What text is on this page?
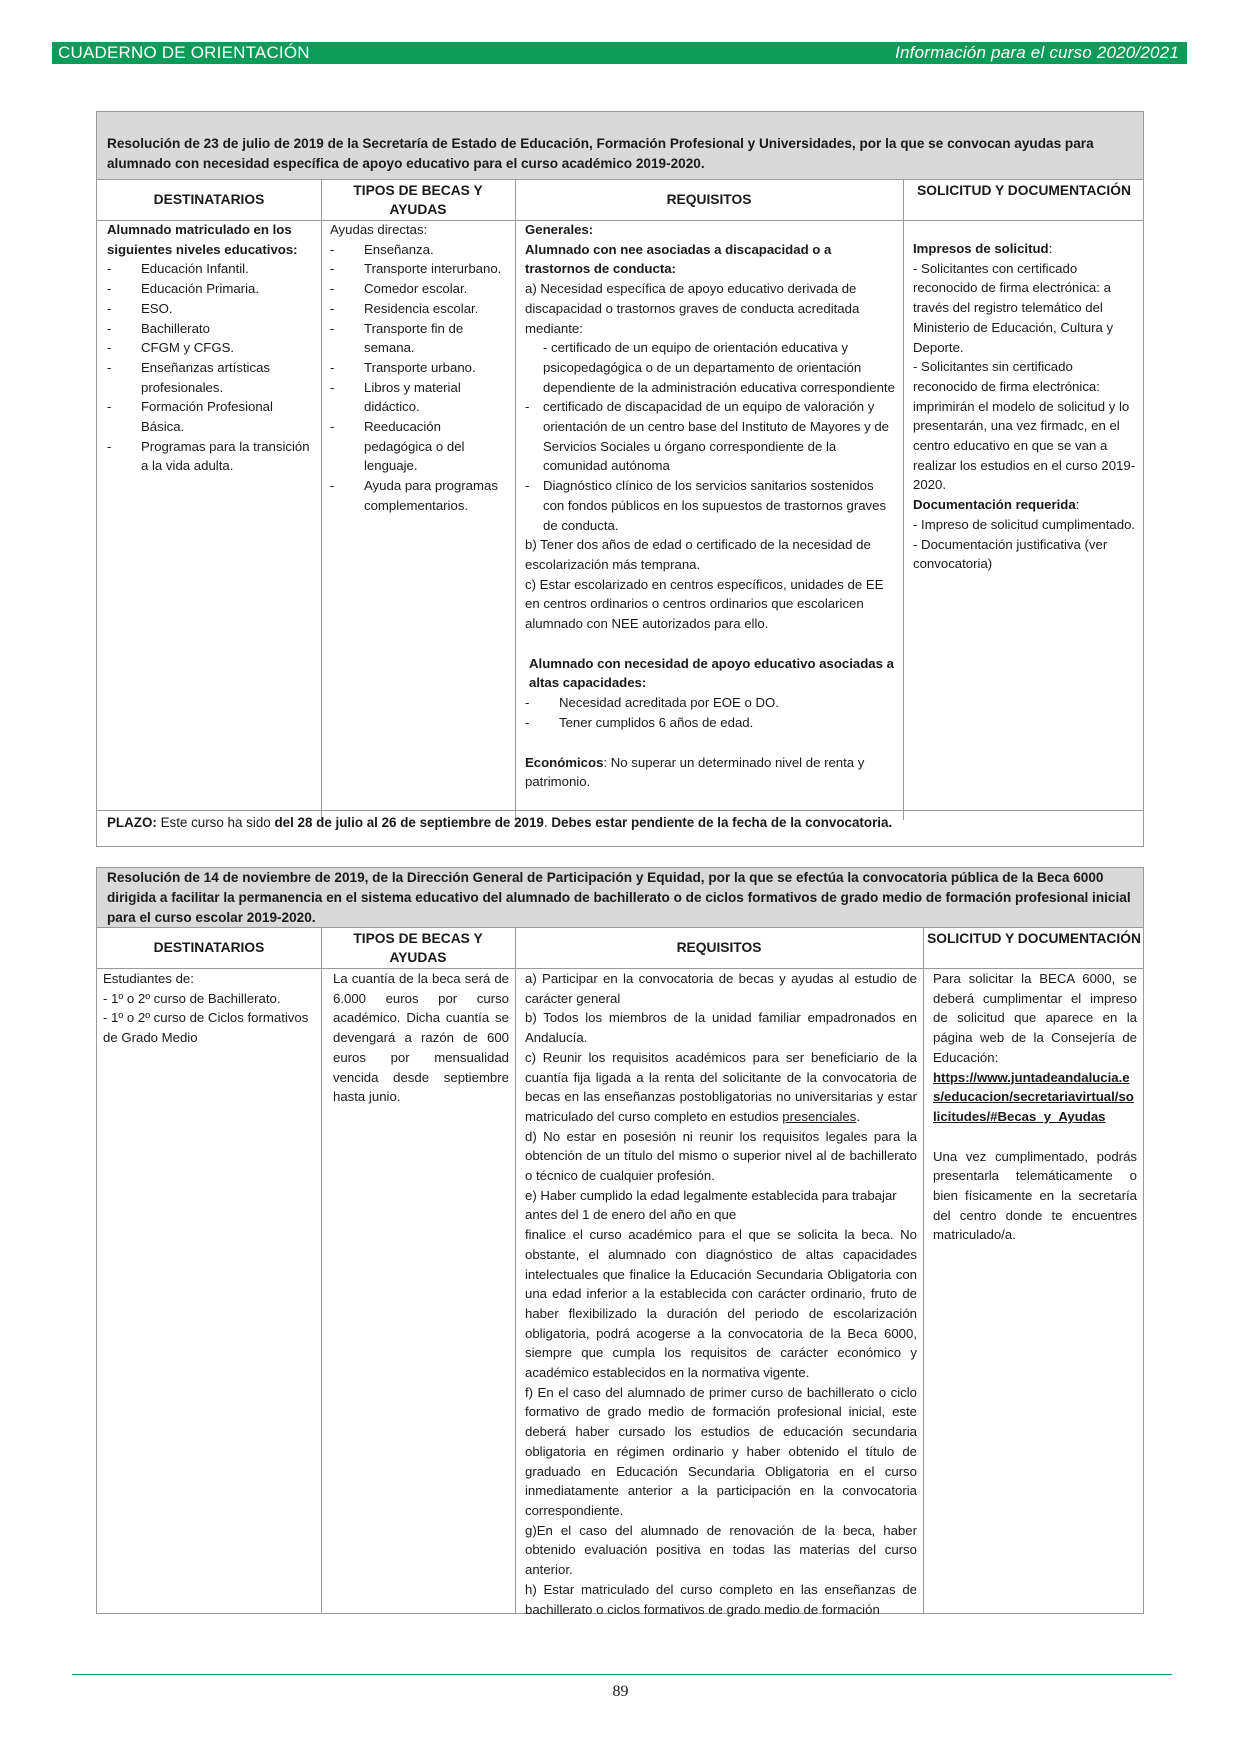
CUADERNO DE ORIENTACIÓN	Información para el curso 2020/2021
Resolución de 23 de julio de 2019 de la Secretaría de Estado de Educación, Formación Profesional y Universidades, por la que se convocan ayudas para alumnado con necesidad específica de apoyo educativo para el curso académico 2019-2020.
DESTINATARIOS
TIPOS DE BECAS Y AYUDAS
REQUISITOS
SOLICITUD Y DOCUMENTACIÓN

Alumnado matriculado en los siguientes niveles educativos:

- Educación Infantil.

- Educación Primaria.

- ESO.

- Bachillerato

- CFGM y CFGS.

- Enseñanzas artísticas profesionales.

- Formación Profesional Básica.

- Programas para la transición a la vida adulta.

Ayudas directas:

- Enseñanza.

- Transporte interurbano.

- Comedor escolar.

- Residencia escolar.

- Transporte fin de semana.

- Transporte urbano.

- Libros y material didáctico.

- Reeducación pedagógica o del lenguaje.

- Ayuda para programas complementarios.

Generales:

Alumnado con nee asociadas a discapacidad o a trastornos de conducta:

a) Necesidad específica de apoyo educativo derivada de discapacidad o trastornos graves de conducta acreditada mediante:

- certificado de un equipo de orientación educativa y psicopedagógica o de un departamento de orientación dependiente de la administración educativa correspondiente

- certificado de discapacidad de un equipo de valoración y orientación de un centro base del Instituto de Mayores y de Servicios Sociales u órgano correspondiente de la comunidad autónoma

- Diagnóstico clínico de los servicios sanitarios sostenidos con fondos públicos en los supuestos de trastornos graves de conducta.

b) Tener dos años de edad o certificado de la necesidad de escolarización más temprana.

c) Estar escolarizado en centros específicos, unidades de EE en centros ordinarios o centros ordinarios que escolaricen alumnado con NEE autorizados para ello.

Alumnado con necesidad de apoyo educativo asociadas a altas capacidades:

- Necesidad acreditada por EOE o DO.

- Tener cumplidos 6 años de edad.

Económicos: No superar un determinado nivel de renta y patrimonio.

Impresos de solicitud:

- Solicitantes con certificado reconocido de firma electrónica: a través del registro telemático del Ministerio de Educación, Cultura y Deporte.
- Solicitantes sin certificado reconocido de firma electrónica: imprimirán el modelo de solicitud y lo presentarán, una vez firmadc, en el centro educativo en que se van a realizar los estudios en el curso 2019-2020.

Documentación requerida:

- Impreso de solicitud cumplimentado.
- Documentación justificativa (ver convocatoria)

PLAZO: Este curso ha sido del 28 de julio al 26 de septiembre de 2019. Debes estar pendiente de la fecha de la convocatoria.
Resolución de 14 de noviembre de 2019, de la Dirección General de Participación y Equidad, por la que se efectúa la convocatoria pública de la Beca 6000 dirigida a facilitar la permanencia en el sistema educativo del alumnado de bachillerato o de ciclos formativos de grado medio de formación profesional inicial para el curso escolar 2019-2020.
DESTINATARIOS
TIPOS DE BECAS Y AYUDAS
REQUISITOS
SOLICITUD Y DOCUMENTACIÓN
Estudiantes de:
- 1º o 2º curso de Bachillerato.
- 1º o 2º curso de Ciclos formativos de Grado Medio
La cuantía de la beca será de 6.000 euros por curso académico. Dicha cuantía se devengará a razón de 600 euros por mensualidad vencida desde septiembre hasta junio.

a) Participar en la convocatoria de becas y ayudas al estudio de carácter general

b) Todos los miembros de la unidad familiar empadronados en Andalucía.

c) Reunir los requisitos académicos para ser beneficiario de la cuantía fija ligada a la renta del solicitante de la convocatoria de becas en las enseñanzas postobligatorias no universitarias y estar matriculado del curso completo en estudios presenciales.

d) No estar en posesión ni reunir los requisitos legales para la obtención de un título del mismo o superior nivel al de bachillerato o técnico de cualquier profesión.

e) Haber cumplido la edad legalmente establecida para trabajar antes del 1 de enero del año en que

finalice el curso académico para el que se solicita la beca. No obstante, el alumnado con diagnóstico de altas capacidades intelectuales que finalice la Educación Secundaria Obligatoria con una edad inferior a la establecida con carácter ordinario, fruto de haber flexibilizado la duración del periodo de escolarización obligatoria, podrá acogerse a la convocatoria de la Beca 6000, siempre que cumpla los requisitos de carácter económico y académico establecidos en la normativa vigente.

f) En el caso del alumnado de primer curso de bachillerato o ciclo formativo de grado medio de formación profesional inicial, este deberá haber cursado los estudios de educación secundaria obligatoria en régimen ordinario y haber obtenido el título de graduado en Educación Secundaria Obligatoria en el curso inmediatamente anterior a la participación en la convocatoria correspondiente.

g)En el caso del alumnado de renovación de la beca, haber obtenido evaluación positiva en todas las materias del curso anterior.

h) Estar matriculado del curso completo en las enseñanzas de bachillerato o ciclos formativos de grado medio de formación

Para solicitar la BECA 6000, se deberá cumplimentar el impreso de solicitud que aparece en la página web de la Consejería de Educación:

https://www.juntadeandalucia.es/educacion/secretariavirtual/solicitudes/#Becas_y_Ayudas

Una vez cumplimentado, podrás presentarla telemáticamente o bien físicamente en la secretaría del centro donde te encuentres matriculado/a.

89
